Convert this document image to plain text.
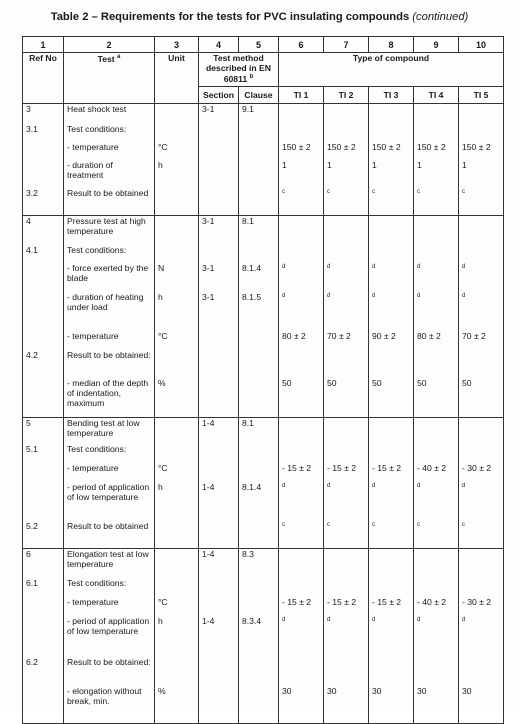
Table 2 – Requirements for the tests for PVC insulating compounds (continued)
1	2	3	4	5	6	7	8	9	10
Ref No	Test $^a$	Unit	Test method described in EN 60811 $^b$		Type of compound				
			Section	Clause	TI 1	TI 2	TI 3	TI 4	TI 5
3	Heat shock test		3-1	9.1					
3.1	Test conditions:								
	- temperature	°C			150 ± 2	150 ± 2	150 ± 2	150 ± 2	150 ± 2
	- duration of treatment	h			1	1	1	1	1
3.2	Result to be obtained				c	c	c	c	c
4	Pressure test at high temperature		3-1	8.1					
4.1	Test conditions:								
	- force exerted by the blade	N	3-1	8.1.4	d	d	d	d	d
	- duration of heating under load	h	3-1	8.1.5	d	d	d	d	d
	- temperature	°C			80 ± 2	70 ± 2	90 ± 2	80 ± 2	70 ± 2
4.2	Result to be obtained:								
	- median of the depth of indentation, maximum	%			50	50	50	50	50
5	Bending test at low temperature		1-4	8.1					
5.1	Test conditions:								
	- temperature	°C			- 15 ± 2	- 15 ± 2	- 15 ± 2	- 40 ± 2	- 30 ± 2
	- period of application of low temperature	h	1-4	8.1.4	d	d	d	d	d
5.2	Result to be obtained				c	c	c	c	c
6	Elongation test at low temperature		1-4	8.3					
6.1	Test conditions:								
	- temperature	°C			- 15 ± 2	- 15 ± 2	- 15 ± 2	- 40 ± 2	- 30 ± 2
	- period of application of low temperature	h	1-4	8.3.4	d	d	d	d	d
6.2	Result to be obtained:								
	- elongation without break, min.	%			30	30	30	30	30
